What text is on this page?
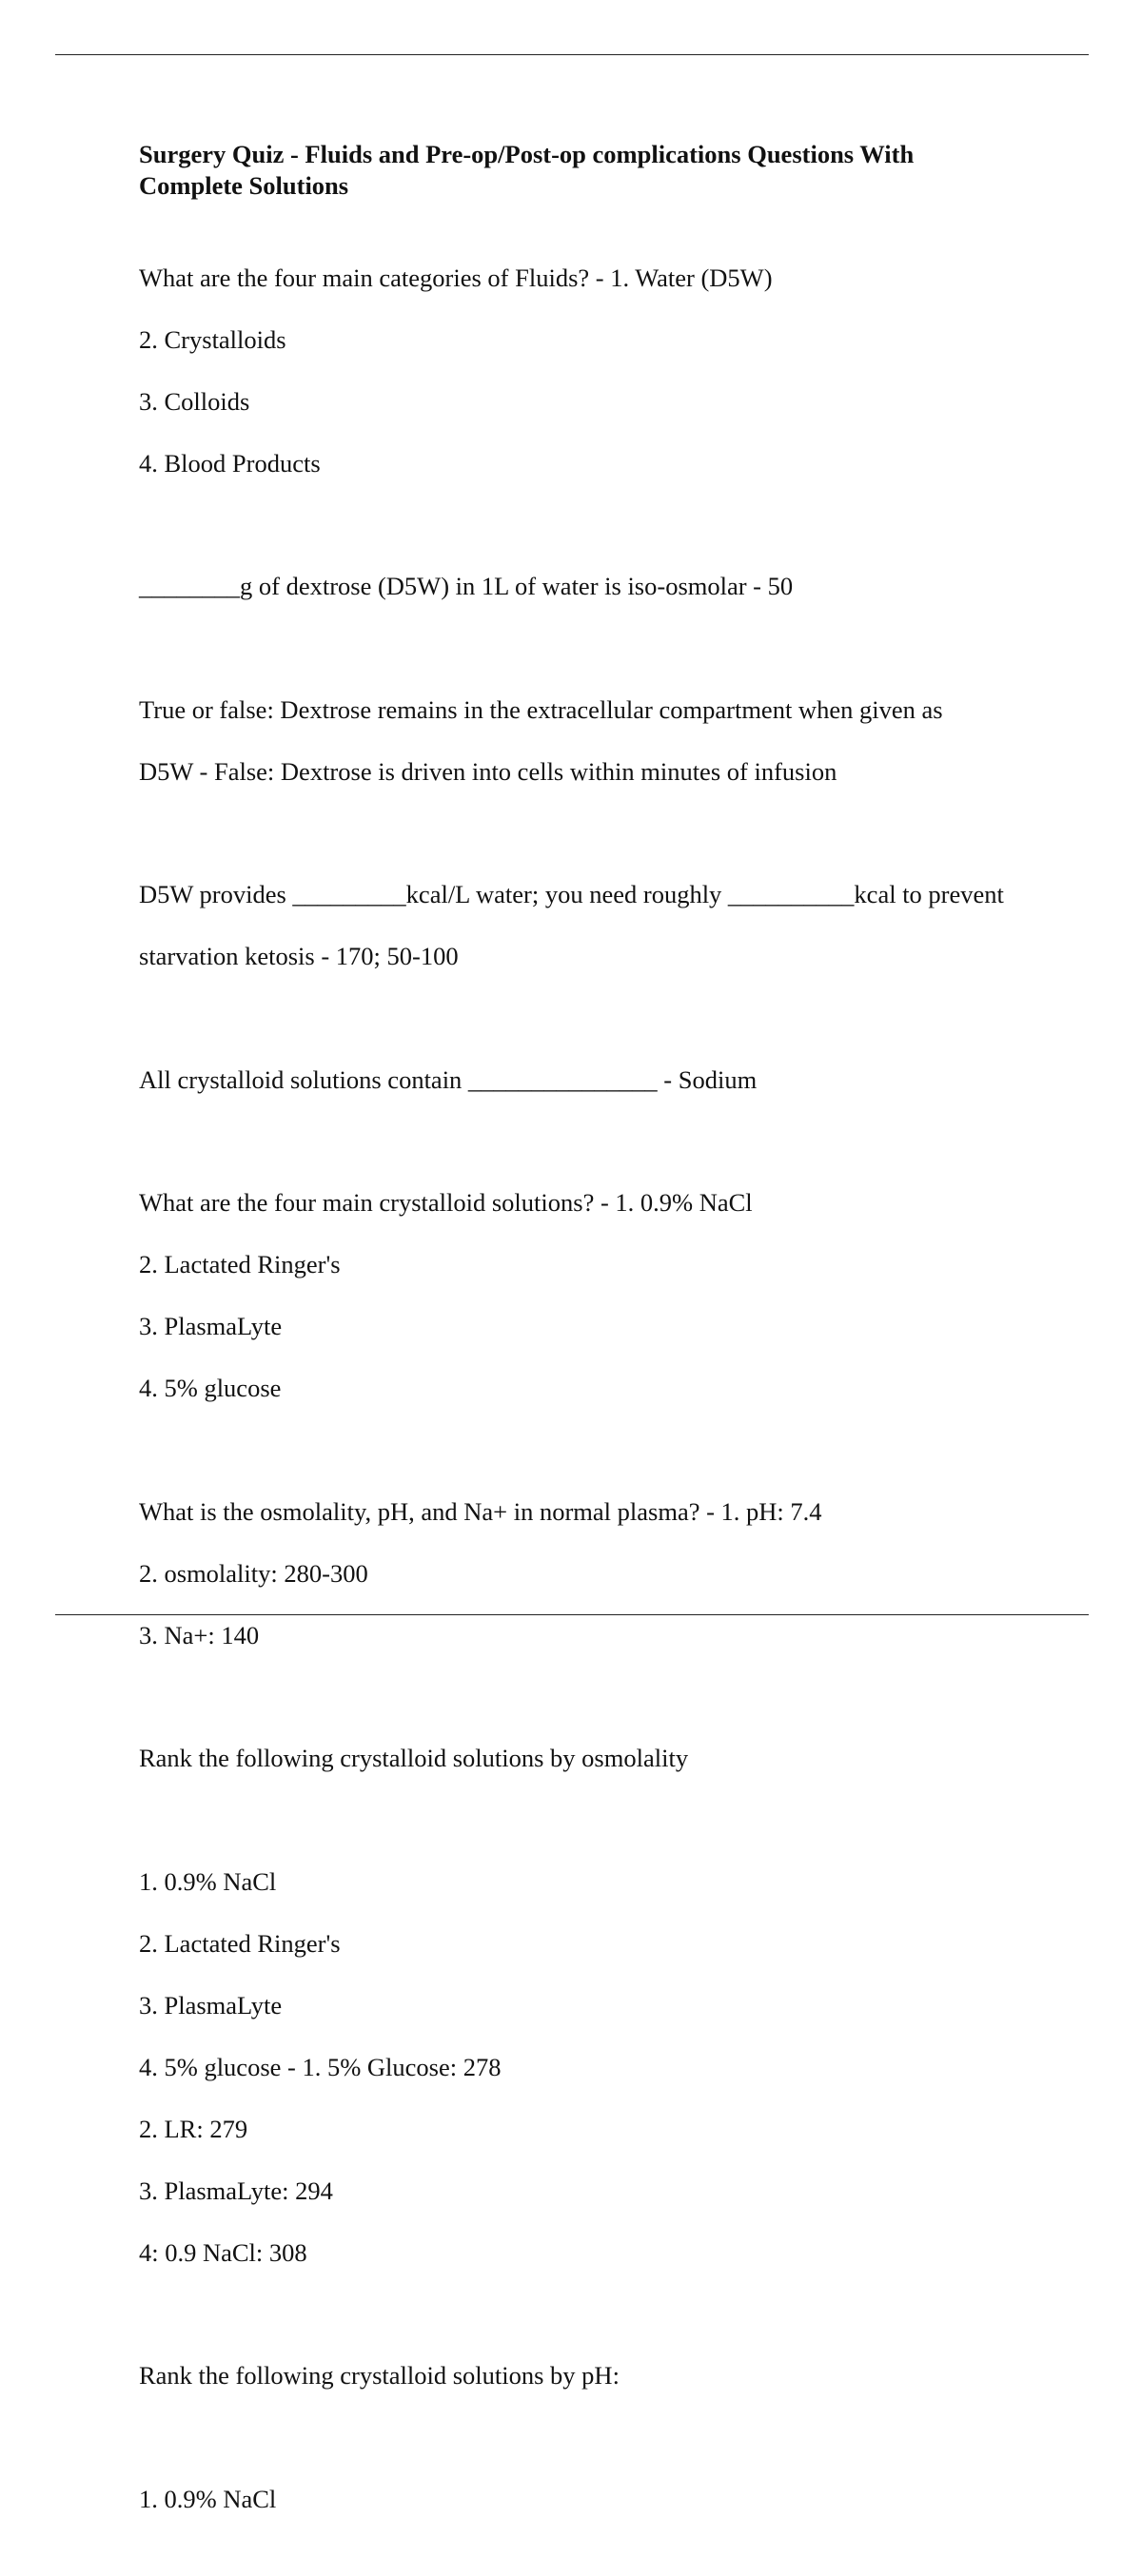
Surgery Quiz - Fluids and Pre-op/Post-op complications Questions With
Complete Solutions

What are the four main categories of Fluids? - 1. Water (D5W)

2. Crystalloids

3. Colloids

4. Blood Products

________g of dextrose (D5W) in 1L of water is iso-osmolar - 50

True or false: Dextrose remains in the extracellular compartment when given as

D5W - False: Dextrose is driven into cells within minutes of infusion

D5W provides _________kcal/L water; you need roughly __________kcal to prevent

starvation ketosis - 170; 50-100

All crystalloid solutions contain _______________ - Sodium

What are the four main crystalloid solutions? - 1. 0.9% NaCl

2. Lactated Ringer's

3. PlasmaLyte

4. 5% glucose

What is the osmolality, pH, and Na+ in normal plasma? - 1. pH: 7.4

2. osmolality: 280-300

3. Na+: 140

Rank the following crystalloid solutions by osmolality

1. 0.9% NaCl

2. Lactated Ringer's

3. PlasmaLyte

4. 5% glucose - 1. 5% Glucose: 278

2. LR: 279

3. PlasmaLyte: 294

4: 0.9 NaCl: 308

Rank the following crystalloid solutions by pH:

1. 0.9% NaCl
